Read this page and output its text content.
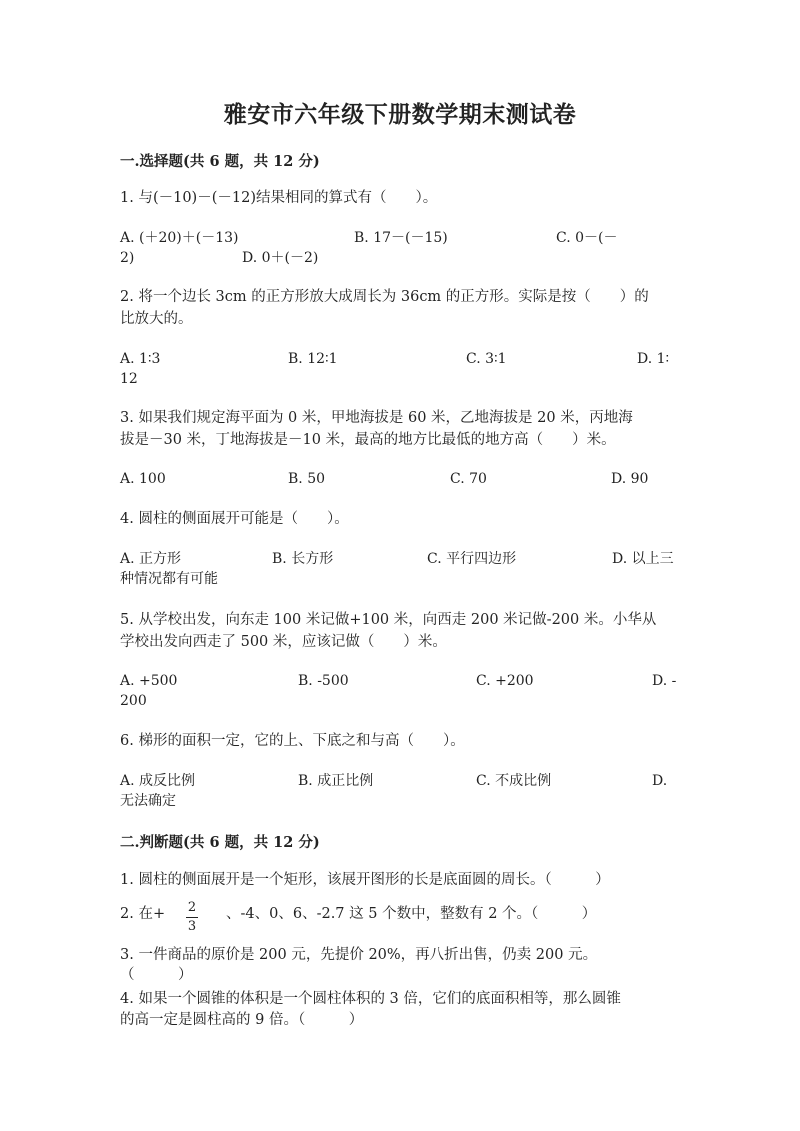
雅安市六年级下册数学期末测试卷
一.选择题(共 6 题，共 12 分)
1. 与(－10)－(－12)结果相同的算式有（　　）。
A. (＋20)＋(－13)	B. 17－(－15)	C. 0－(－
2)	D. 0＋(－2)
2. 将一个边长 3cm 的正方形放大成周长为 36cm 的正方形。实际是按（　　）的
比放大的。
A. 1∶3	B. 12∶1	C. 3∶1	D. 1∶
12
3. 如果我们规定海平面为 0 米，甲地海拔是 60 米，乙地海拔是 20 米，丙地海
拔是－30 米，丁地海拔是－10 米，最高的地方比最低的地方高（　　）米。
A. 100	B. 50	C. 70	D. 90
4. 圆柱的侧面展开可能是（　　）。
A. 正方形	B. 长方形	C. 平行四边形	D. 以上三
种情况都有可能
5. 从学校出发，向东走 100 米记做+100 米，向西走 200 米记做-200 米。小华从
学校出发向西走了 500 米，应该记做（　　）米。
A. +500	B. -500	C. +200	D. -
200
6. 梯形的面积一定，它的上、下底之和与高（　　）。
A. 成反比例	B. 成正比例	C. 不成比例	D.
无法确定
二.判断题(共 6 题，共 12 分)
1. 圆柱的侧面展开是一个矩形，该展开图形的长是底面圆的周长。（　　　）
2. 在+ 2
3
、-4、0、6、-2.7 这 5 个数中，整数有 2 个。（　　　）
3. 一件商品的原价是 200 元，先提价 20%，再八折出售，仍卖 200 元。
（　　　）
4. 如果一个圆锥的体积是一个圆柱体积的 3 倍，它们的底面积相等，那么圆锥
的高一定是圆柱高的 9 倍。（　　　）
